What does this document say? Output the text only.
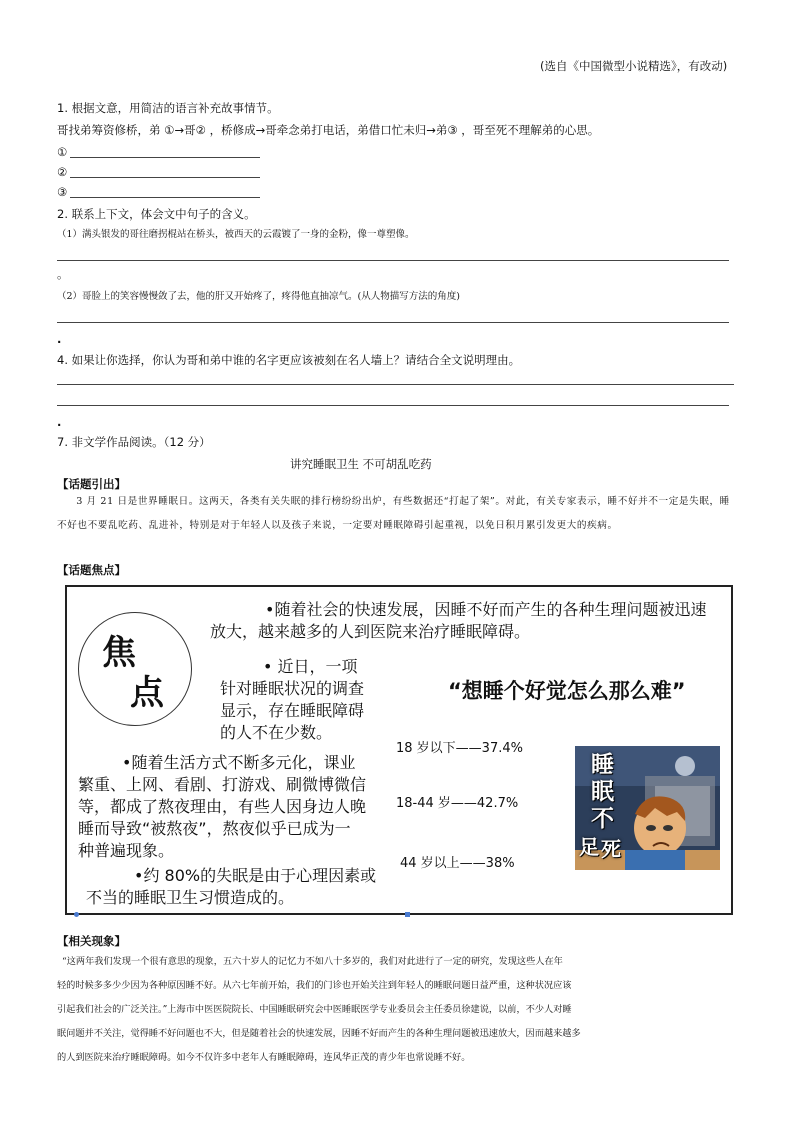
(选自《中国微型小说精选》，有改动)
1. 根据文意，用简洁的语言补充故事情节。
哥找弟筹资修桥，弟 ①→哥② ，桥修成→哥牵念弟打电话，弟借口忙未归→弟③ ，哥至死不理解弟的心思。
①
②
③
2. 联系上下文，体会文中句子的含义。
（1）满头银发的哥往磨拐棍站在桥头，被西天的云霞镀了一身的金粉，像一尊塑像。
。
（2）哥脸上的笑容慢慢敛了去，他的肝又开始疼了，疼得他直抽凉气。(从人物描写方法的角度)
.
4. 如果让你选择，你认为哥和弟中谁的名字更应该被刻在名人墙上？请结合全文说明理由。
.
7. 非文学作品阅读。（12 分）
讲究睡眠卫生 不可胡乱吃药
【话题引出】
3 月 21 日是世界睡眠日。这两天，各类有关失眠的排行榜纷纷出炉，有些数据还“打起了架”。对此，有关专家表示，睡不好并不一定是失眠，睡不好也不要乱吃药、乱进补，特别是对于年轻人以及孩子来说，一定要对睡眠障碍引起重视，以免日积月累引发更大的疾病。
【话题焦点】
焦
点
•随着社会的快速发展，因睡不好而产生的各种生理问题被迅速
放大，越来越多的人到医院来治疗睡眠障碍。
• 近日，一项
针对睡眠状况的调查
显示，存在睡眠障碍
的人不在少数。
“想睡个好觉怎么那么难”
•随着生活方式不断多元化，课业
繁重、上网、看剧、打游戏、刷微博微信
等，都成了熬夜理由，有些人因身边人晚
睡而导致“被熬夜”，熬夜似乎已成为一
种普遍现象。
•约 80%的失眠是由于心理因素或
不当的睡眠卫生习惯造成的。
18 岁以下——37.4%
18-44 岁——42.7%
44 岁以上——38%
睡
眠
不
足 死
【相关现象】
“这两年我们发现一个很有意思的现象，五六十岁人的记忆力不如八十多岁的，我们对此进行了一定的研究，发现这些人在年
轻的时候多多少少因为各种原因睡不好。从六七年前开始，我们的门诊也开始关注到年轻人的睡眠问题日益严重，这种状况应该
引起我们社会的广泛关注。”上海市中医医院院长、中国睡眠研究会中医睡眠医学专业委员会主任委员徐建说，以前，不少人对睡
眠问题并不关注，觉得睡不好问题也不大，但是随着社会的快速发展，因睡不好而产生的各种生理问题被迅速放大，因而越来越多
的人到医院来治疗睡眠障碍。如今不仅许多中老年人有睡眠障碍，连风华正茂的青少年也常说睡不好。
